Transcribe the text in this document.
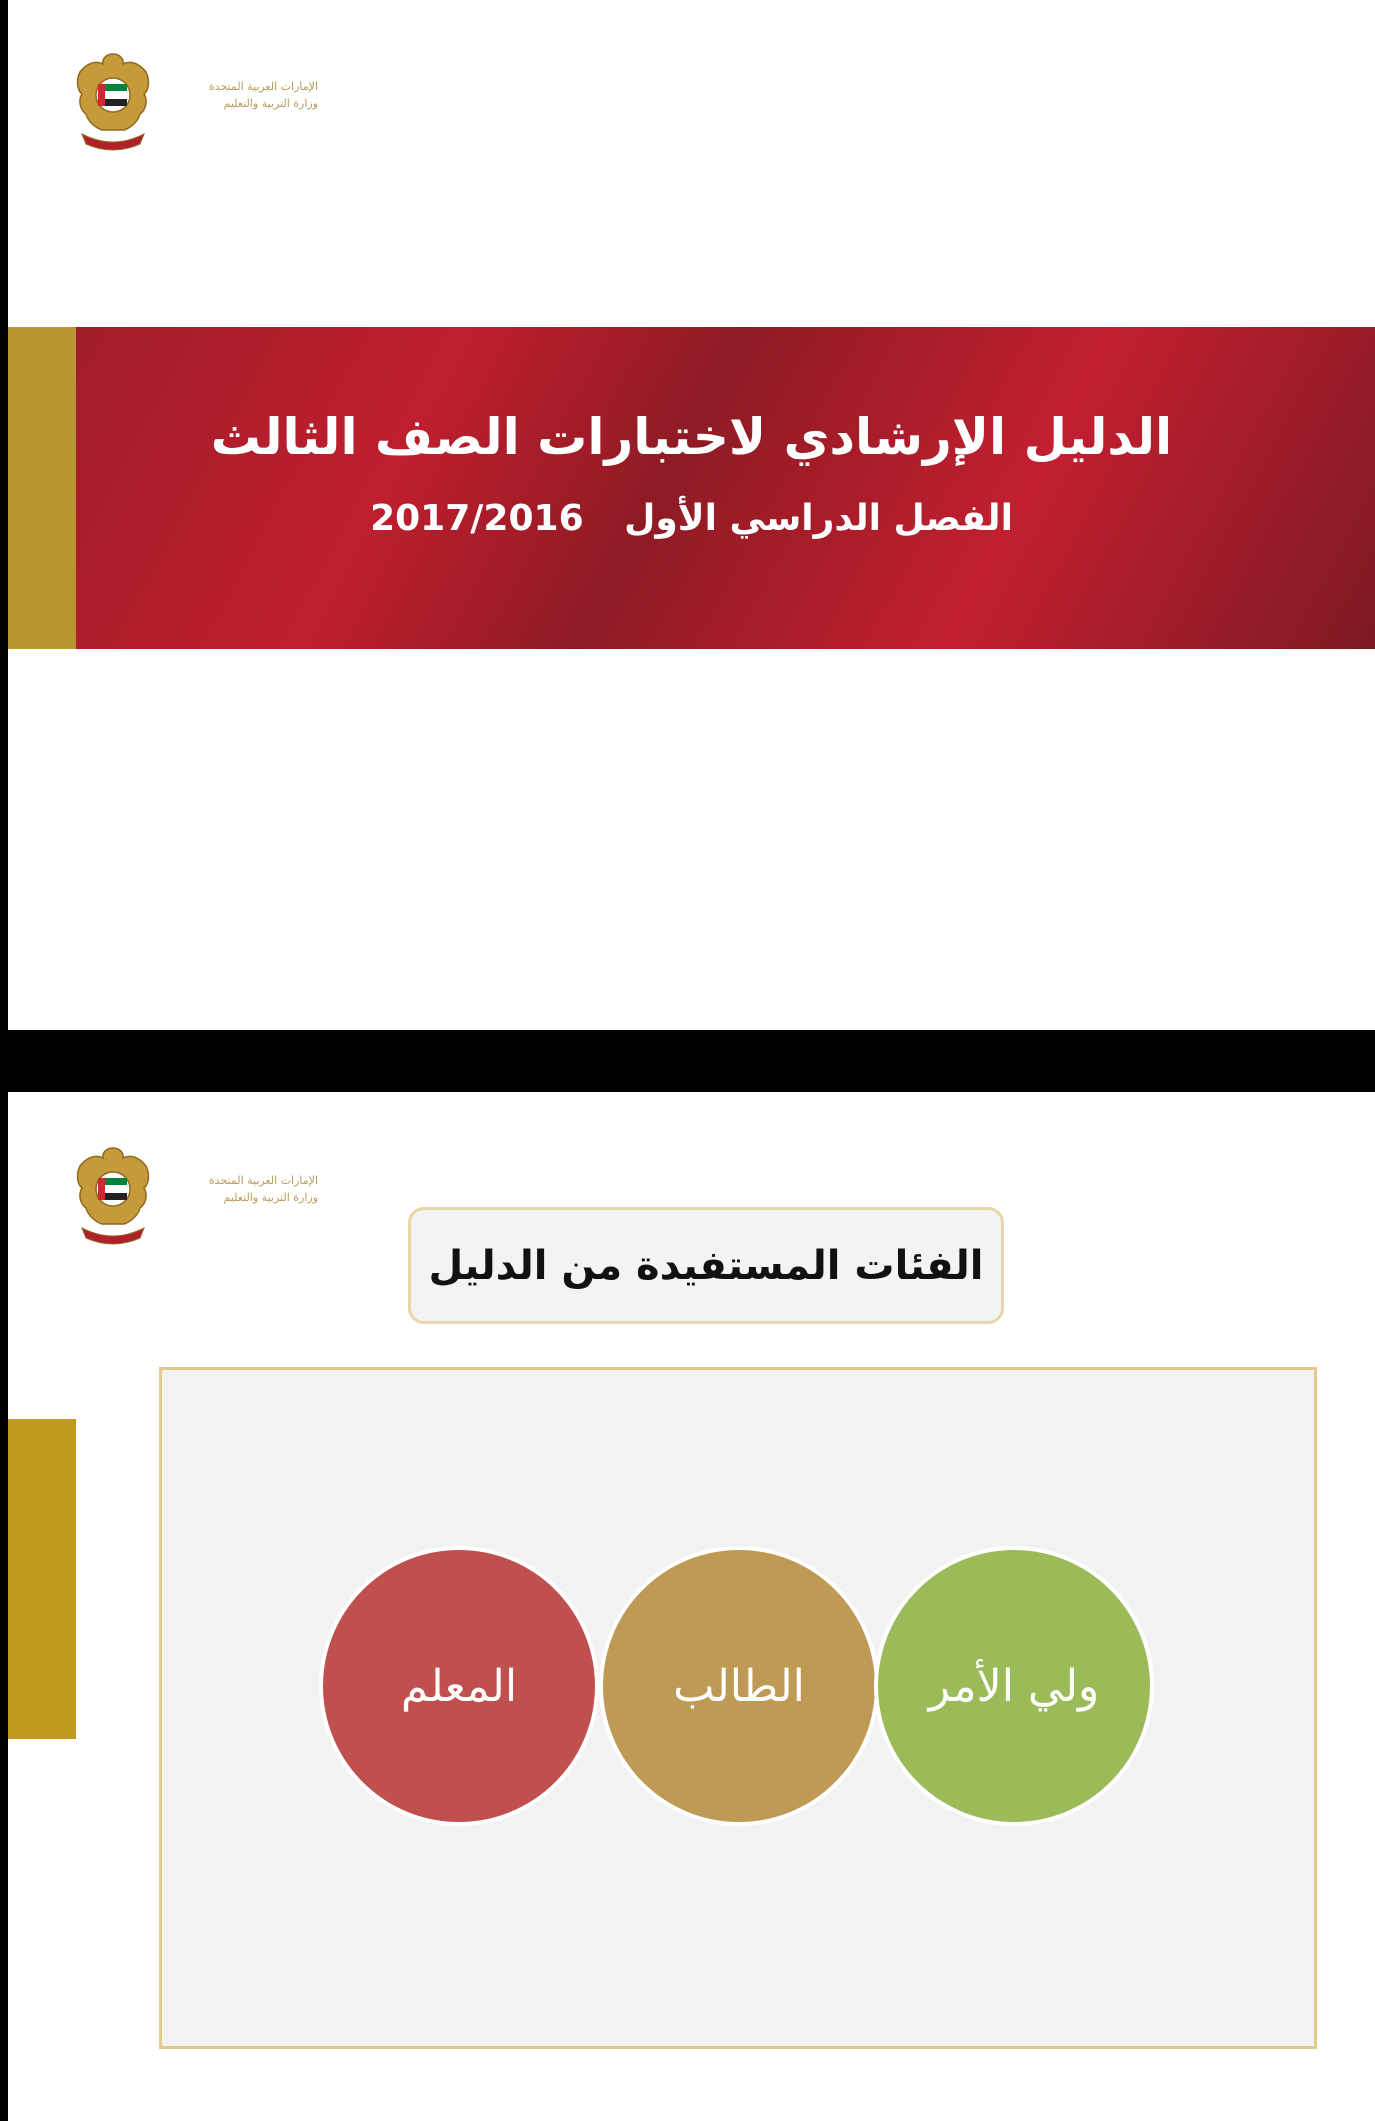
الإمارات العربية المتحدة
وزارة التربية والتعليم
الدليل الإرشادي لاختبارات الصف الثالث
الفصل الدراسي الأول 2017/2016
الإمارات العربية المتحدة
وزارة التربية والتعليم
الفئات المستفيدة من الدليل
المعلم	الطالب	ولي الأمر
